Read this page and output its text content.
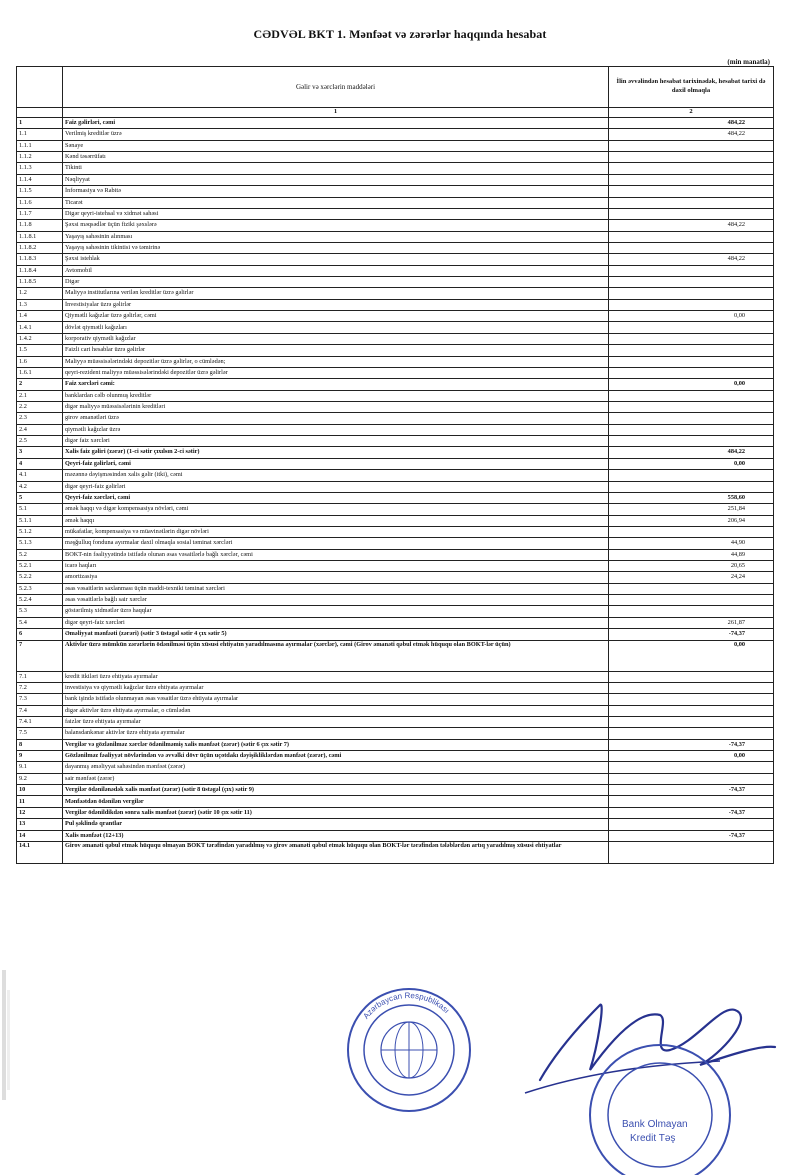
CƏDVƏL BKT 1. Mənfəət və zərərlər haqqında hesabat
(min manatla)
	Gəlir və xərclərin maddələri	İlin əvvəlindən hesabat tarixinədək, hesabat tarixi də daxil olmaqla
	1	2
1	Faiz gəlirləri, cəmi	484,22
1.1	Verilmiş kreditlər üzrə	484,22
1.1.1	Sənaye	
1.1.2	Kənd təsərrüfatı	
1.1.3	Tikinti	
1.1.4	Nəqliyyat	
1.1.5	İnformasiya və Rabitə	
1.1.6	Ticarət	
1.1.7	Digər qeyri-istehsal və xidmət sahəsi	
1.1.8	Şəxsi məqsədlər üçün fiziki şəxslərə	484,22
1.1.8.1	Yaşayış sahəsinin alınması	
1.1.8.2	Yaşayış sahəsinin tikintisi və təmirinə	
1.1.8.3	Şəxsi istehlak	484,22
1.1.8.4	Avtomobil	
1.1.8.5	Digər	
1.2	Maliyyə institutlarına verilən kreditlər üzrə gəlirlər	
1.3	İnvestisiyalar üzrə gəlirlər	
1.4	Qiymətli kağızlar üzrə gəlirlər, cəmi	0,00
1.4.1	dövlət qiymətli kağızları	
1.4.2	korporativ qiymətli kağızlar	
1.5	Faizli cari hesablar üzrə gəlirlər	
1.6	Maliyyə müəssisələrindəki depozitlər üzrə gəlirlər, o cümlədən;	
1.6.1	qeyri-rezident maliyyə müəssisələrindəki depozitlər üzrə gəlirlər	
2	Faiz xərcləri cəmi:	0,00
2.1	banklardan cəlb olunmuş kreditlər	
2.2	digər maliyyə müəssisələrinin kreditləri	
2.3	girov əmanətləri üzrə	
2.4	qiymətli kağızlar üzrə	
2.5	digər faiz xərcləri	
3	Xalis faiz gəliri (zərər) (1-ci sətir çıxılsın 2-ci sətir)	484,22
4	Qeyri-faiz gəlirləri, cəmi	0,00
4.1	məzənnə dəyişməsindən xalis gəlir (itki), cəmi	
4.2	digər qeyri-faiz gəlirləri	
5	Qeyri-faiz xərcləri, cəmi	558,60
5.1	əmək haqqı və digər kompensasiya növləri, cəmi	251,84
5.1.1	əmək haqqı	206,94
5.1.2	mükafatlar, kompensasiya və müavinətlərin digər növləri	
5.1.3	məşğulluq fonduna ayırmalar daxil olmaqla sosial təminat xərcləri	44,90
5.2	BOKT-nin fəaliyyətində istifadə olunan əsas vəsaitlərlə bağlı xərclər, cəmi	44,89
5.2.1	icarə haqları	20,65
5.2.2	amortizasiya	24,24
5.2.3	əsas vəsaitlərin saxlanması üçün maddi-texniki təminat xərcləri	
5.2.4	əsas vəsaitlərlə bağlı sair xərclər	
5.3	göstərilmiş xidmətlər üzrə haqqlar	
5.4	digər qeyri-faiz xərcləri	261,87
6	Əməliyyat mənfəəti (zərəri) (sətir 3 üstəgəl sətir 4 çıx sətir 5)	-74,37
7	Aktivlər üzrə mümkün zərərlərin ödənilməsi üçün xüsusi ehtiyatın yaradılmasına ayırmalar (xərclər), cəmi (Girov əmanəti qəbul etmək hüququ olan BOKT-lər üçün)	0,00
7.1	kredit itkiləri üzrə ehtiyata ayırmalar	
7.2	investisiya və qiymətli kağızlar üzrə ehtiyata ayırmalar	
7.3	bank işində istifadə olunmayan əsas vəsaitlər üzrə ehtiyata ayırmalar	
7.4	digər aktivlər üzrə ehtiyata ayırmalar, o cümlədən	
7.4.1	faizlər üzrə ehtiyata ayırmalar	
7.5	balansdankənar aktivlər üzrə ehtiyata ayırmalar	
8	Vergilər və gözlənilməz xərclər ödənilməmiş xalis mənfəət (zərər) (sətir 6 çıx sətir 7)	-74,37
9	Gözlənilməz fəaliyyət növlərindən və əvvəlki dövr üçün uçotdakı dəyişikliklərdən mənfəət (zərər), cəmi	0,00
9.1	dayanmış əməliyyat sahəsindən mənfəət (zərər)	
9.2	sair mənfəət (zərər)	
10	Vergilər ödənilənədək xalis mənfəət (zərər) (sətir 8 üstəgəl (çıx) sətir 9)	-74,37
11	Mənfəətdən ödənilən vergilər	
12	Vergilər ödənildikdən sonra xalis mənfəət (zərər) (sətir 10 çıx sətir 11)	-74,37
13	Pul şəklində qrantlar	
14	Xalis mənfəət (12+13)	-74,37
14.1	Girov əmanəti qəbul etmək hüququ olmayan BOKT tərəfindən yaradılmış və girov əmanəti qəbul etmək hüququ olan BOKT-lər tərəfindən tələblərdən artıq yaradılmış xüsusi ehtiyatlar	
Azərbaycan Respublikası
Bank Olmayan
Kredit Təş
